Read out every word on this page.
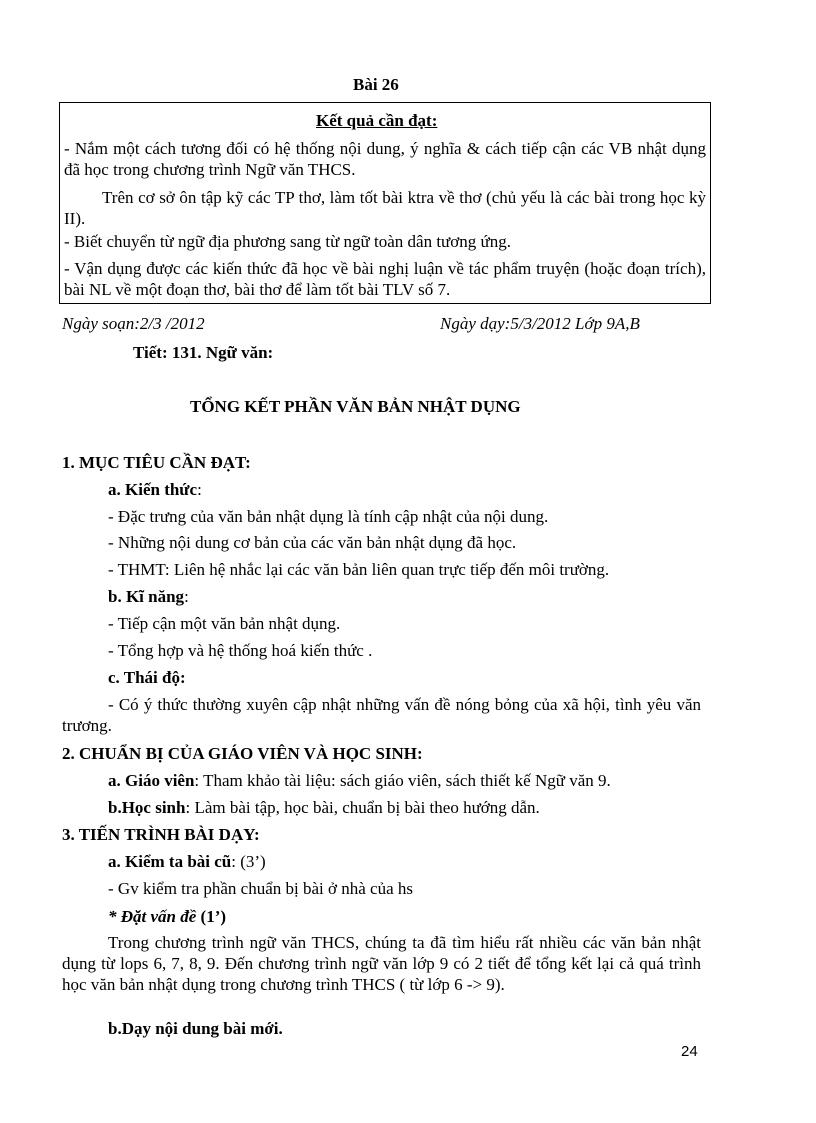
Bài 26
Kết quả cần đạt:
- Nắm một cách tương đối có hệ thống nội dung, ý nghĩa & cách tiếp cận các VB nhật dụng đã học trong chương trình Ngữ văn THCS.
Trên cơ sở ôn tập kỹ các TP thơ, làm tốt bài ktra về thơ (chủ yếu là các bài trong học kỳ II).
- Biết chuyển từ ngữ địa phương sang từ ngữ toàn dân tương ứng.
- Vận dụng được các kiến thức đã học về bài nghị luận về tác phẩm truyện (hoặc đoạn trích), bài NL về một đoạn thơ, bài thơ để làm tốt bài TLV số 7.
Ngày soạn:2/3 /2012	Ngày dạy:5/3/2012 Lớp 9A,B
Tiết: 131. Ngữ văn:
TỔNG KẾT PHẦN VĂN BẢN NHẬT DỤNG
1. MỤC TIÊU CẦN ĐẠT:
a. Kiến thức:
- Đặc trưng của văn bản nhật dụng là tính cập nhật của nội dung.
- Những nội dung cơ bản của các văn bản nhật dụng đã học.
- THMT: Liên hệ nhắc lại các văn bản liên quan trực tiếp đến môi trường.
b. Kĩ năng:
- Tiếp cận một văn bản nhật dụng.
- Tổng hợp và hệ thống hoá kiến thức .
c. Thái độ:
- Có ý thức thường xuyên cập nhật những vấn đề nóng bỏng của xã hội, tình yêu văn trương.
2. CHUẨN BỊ CỦA GIÁO VIÊN VÀ HỌC SINH:
a. Giáo viên: Tham khảo tài liệu: sách giáo viên, sách thiết kế Ngữ văn 9.
b.Học sinh: Làm bài tập, học bài, chuẩn bị bài theo hướng dẫn.
3. TIẾN TRÌNH BÀI DẠY:
a. Kiểm ta bài cũ: (3’)
- Gv kiểm tra phần chuẩn bị bài ở nhà của hs
* Đặt vấn đề (1’)
Trong chương trình ngữ văn THCS, chúng ta đã tìm hiểu rất nhiều các văn bản nhật dụng từ lops 6, 7, 8, 9. Đến chương trình ngữ văn lớp 9 có 2 tiết để tổng kết lại cả quá trình học văn bản nhật dụng trong chương trình THCS ( từ lớp 6 -> 9).
b.Dạy nội dung bài mới.
24
